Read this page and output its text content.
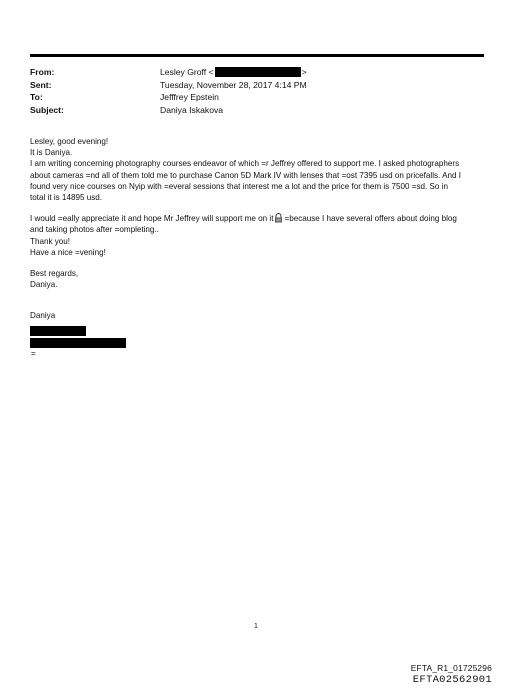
From:	Lesley Groff <	>
Sent:	Tuesday, November 28, 2017 4:14 PM
To:	Jefffrey Epstein
Subject:	Daniya Iskakova

Lesley, good evening!

It is Daniya.

I am writing concerning photography courses endeavor of which =r Jeffrey offered to support me. I asked photographers

about cameras =nd all of them told me to purchase Canon 5D Mark IV with lenses that =ost 7395 usd on pricefalls. And I

found very nice courses on Nyip with =everal sessions that interest me a lot and the price for them is 7500 =sd. So in

total it is 14895 usd.

I would =eally appreciate it and hope Mr Jeffrey will support me on it =because I have several offers about doing blog

and taking photos after =ompleting..

Thank you!

Have a nice =vening!

Best regards,

Daniya.

Daniya

=
1
EFTA_R1_01725296
EFTA02562901
